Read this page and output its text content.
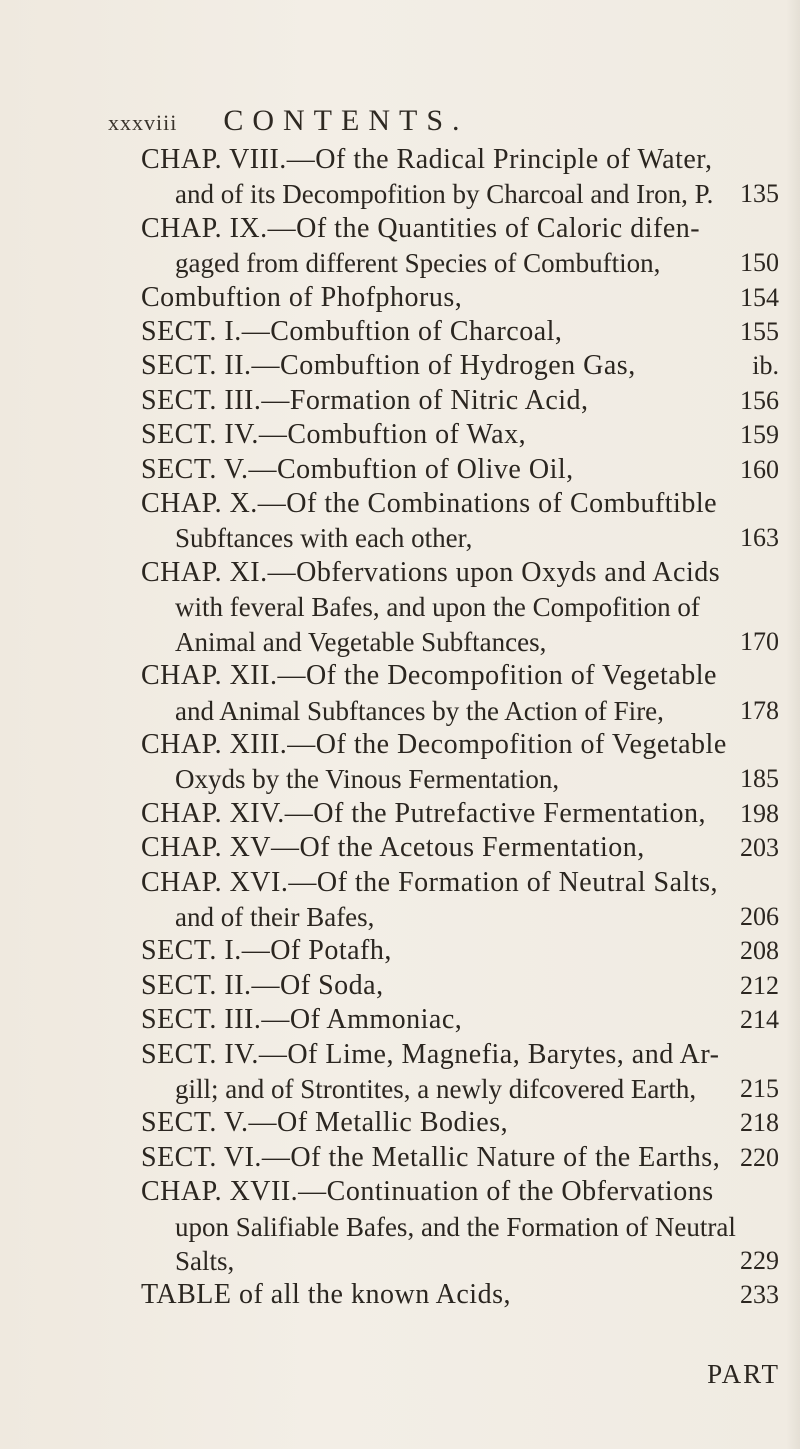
xxxviii CONTENTS.
CHAP. VIII.—Of the Radical Principle of Water,
and of its Decompofition by Charcoal and Iron, P.	135
CHAP. IX.—Of the Quantities of Caloric difen-
gaged from different Species of Combuftion,	150
Combuftion of Phofphorus,	154
SECT. I.—Combuftion of Charcoal,	155
SECT. II.—Combuftion of Hydrogen Gas,	ib.
SECT. III.—Formation of Nitric Acid,	156
SECT. IV.—Combuftion of Wax,	159
SECT. V.—Combuftion of Olive Oil,	160
CHAP. X.—Of the Combinations of Combuftible
Subftances with each other,	163
CHAP. XI.—Obfervations upon Oxyds and Acids
with feveral Bafes, and upon the Compofition of
Animal and Vegetable Subftances,	170
CHAP. XII.—Of the Decompofition of Vegetable
and Animal Subftances by the Action of Fire,	178
CHAP. XIII.—Of the Decompofition of Vegetable
Oxyds by the Vinous Fermentation,	185
CHAP. XIV.—Of the Putrefactive Fermentation,	198
CHAP. XV—Of the Acetous Fermentation,	203
CHAP. XVI.—Of the Formation of Neutral Salts,
and of their Bafes,	206
SECT. I.—Of Potafh,	208
SECT. II.—Of Soda,	212
SECT. III.—Of Ammoniac,	214
SECT. IV.—Of Lime, Magnefia, Barytes, and Ar-
gill; and of Strontites, a newly difcovered Earth,	215
SECT. V.—Of Metallic Bodies,	218
SECT. VI.—Of the Metallic Nature of the Earths, 220
CHAP. XVII.—Continuation of the Obfervations
upon Salifiable Bafes, and the Formation of Neutral
Salts,	229
TABLE of all the known Acids,	233
PART
